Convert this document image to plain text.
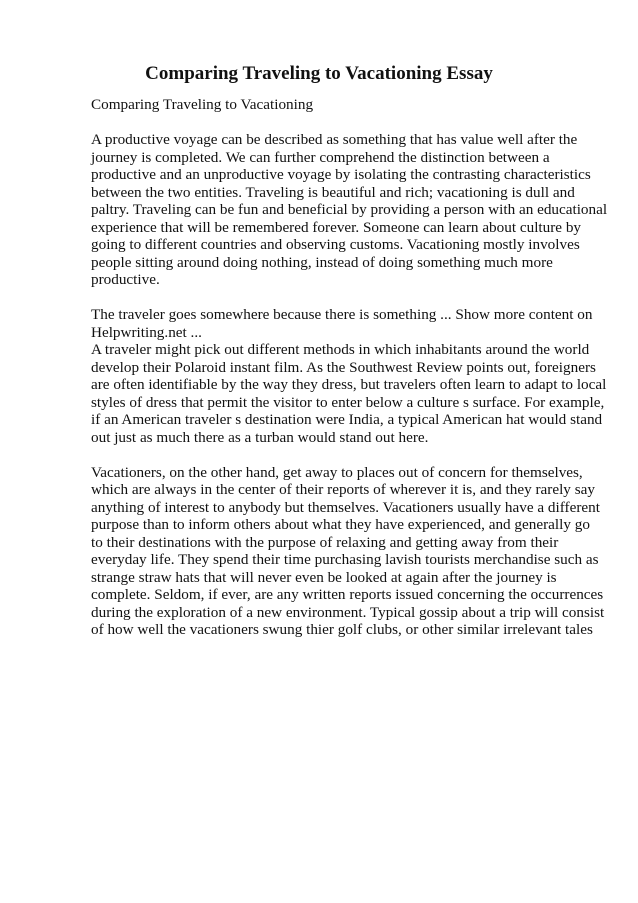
Comparing Traveling to Vacationing Essay
Comparing Traveling to Vacationing
A productive voyage can be described as something that has value well after the
journey is completed. We can further comprehend the distinction between a
productive and an unproductive voyage by isolating the contrasting characteristics
between the two entities. Traveling is beautiful and rich; vacationing is dull and
paltry. Traveling can be fun and beneficial by providing a person with an educational
experience that will be remembered forever. Someone can learn about culture by
going to different countries and observing customs. Vacationing mostly involves
people sitting around doing nothing, instead of doing something much more
productive.
The traveler goes somewhere because there is something ... Show more content on
Helpwriting.net ...
A traveler might pick out different methods in which inhabitants around the world
develop their Polaroid instant film. As the Southwest Review points out, foreigners
are often identifiable by the way they dress, but travelers often learn to adapt to local
styles of dress that permit the visitor to enter below a culture s surface. For example,
if an American traveler s destination were India, a typical American hat would stand
out just as much there as a turban would stand out here.
Vacationers, on the other hand, get away to places out of concern for themselves,
which are always in the center of their reports of wherever it is, and they rarely say
anything of interest to anybody but themselves. Vacationers usually have a different
purpose than to inform others about what they have experienced, and generally go
to their destinations with the purpose of relaxing and getting away from their
everyday life. They spend their time purchasing lavish tourists merchandise such as
strange straw hats that will never even be looked at again after the journey is
complete. Seldom, if ever, are any written reports issued concerning the occurrences
during the exploration of a new environment. Typical gossip about a trip will consist
of how well the vacationers swung thier golf clubs, or other similar irrelevant tales
